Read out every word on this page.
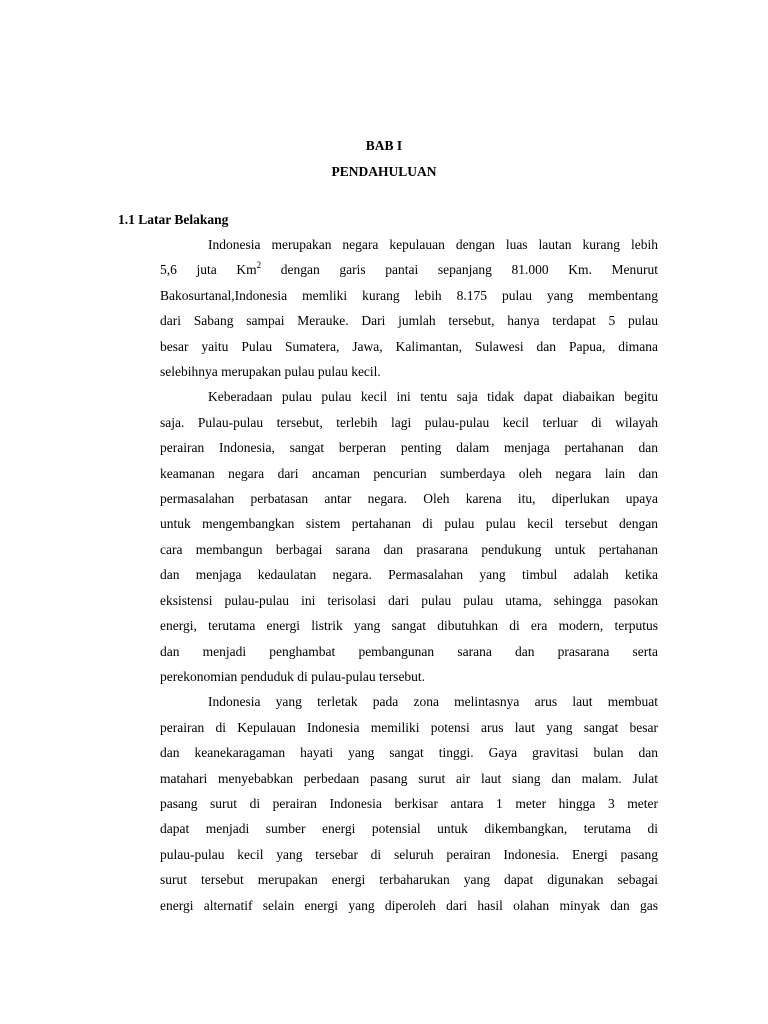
BAB I
PENDAHULUAN
1.1 Latar Belakang
Indonesia merupakan negara kepulauan dengan luas lautan kurang lebih
5,6 juta Km$^2$ dengan garis pantai sepanjang 81.000 Km. Menurut
Bakosurtanal,Indonesia memliki kurang lebih 8.175 pulau yang membentang
dari Sabang sampai Merauke. Dari jumlah tersebut, hanya terdapat 5 pulau
besar yaitu Pulau Sumatera, Jawa, Kalimantan, Sulawesi dan Papua, dimana
selebihnya merupakan pulau pulau kecil.
Keberadaan pulau pulau kecil ini tentu saja tidak dapat diabaikan begitu
saja. Pulau-pulau tersebut, terlebih lagi pulau-pulau kecil terluar di wilayah
perairan Indonesia, sangat berperan penting dalam menjaga pertahanan dan
keamanan negara dari ancaman pencurian sumberdaya oleh negara lain dan
permasalahan perbatasan antar negara. Oleh karena itu, diperlukan upaya
untuk mengembangkan sistem pertahanan di pulau pulau kecil tersebut dengan
cara membangun berbagai sarana dan prasarana pendukung untuk pertahanan
dan menjaga kedaulatan negara. Permasalahan yang timbul adalah ketika
eksistensi pulau-pulau ini terisolasi dari pulau pulau utama, sehingga pasokan
energi, terutama energi listrik yang sangat dibutuhkan di era modern, terputus
dan menjadi penghambat pembangunan sarana dan prasarana serta
perekonomian penduduk di pulau-pulau tersebut.
Indonesia yang terletak pada zona melintasnya arus laut membuat
perairan di Kepulauan Indonesia memiliki potensi arus laut yang sangat besar
dan keanekaragaman hayati yang sangat tinggi. Gaya gravitasi bulan dan
matahari menyebabkan perbedaan pasang surut air laut siang dan malam. Julat
pasang surut di perairan Indonesia berkisar antara 1 meter hingga 3 meter
dapat menjadi sumber energi potensial untuk dikembangkan, terutama di
pulau-pulau kecil yang tersebar di seluruh perairan Indonesia. Energi pasang
surut tersebut merupakan energi terbaharukan yang dapat digunakan sebagai
energi alternatif selain energi yang diperoleh dari hasil olahan minyak dan gas
